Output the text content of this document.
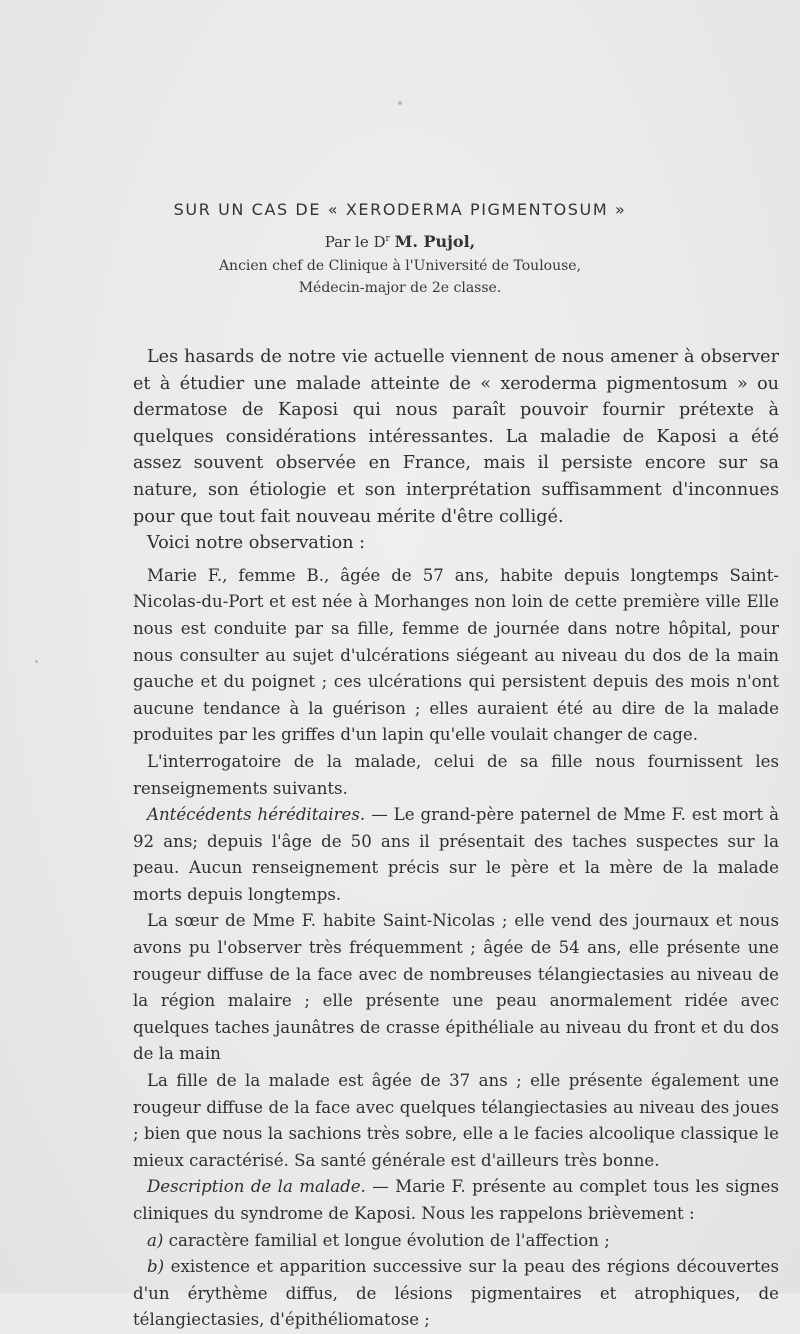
SUR UN CAS DE « XERODERMA PIGMENTOSUM »
Par le $D^r$ M. Pujol,
Ancien chef de Clinique à l'Université de Toulouse,
Médecin-major de 2e classe.

Les hasards de notre vie actuelle viennent de nous amener à observer et à étudier une malade atteinte de « xeroderma pigmentosum » ou dermatose de Kaposi qui nous paraît pouvoir fournir prétexte à quelques considérations intéressantes. La maladie de Kaposi a été assez souvent observée en France, mais il persiste encore sur sa nature, son étiologie et son interprétation suffisamment d'inconnues pour que tout fait nouveau mérite d'être colligé.

Voici notre observation :

Marie F., femme B., âgée de 57 ans, habite depuis longtemps Saint-Nicolas-du-Port et est née à Morhanges non loin de cette première ville Elle nous est conduite par sa fille, femme de journée dans notre hôpital, pour nous consulter au sujet d'ulcérations siégeant au niveau du dos de la main gauche et du poignet ; ces ulcérations qui persistent depuis des mois n'ont aucune tendance à la guérison ; elles auraient été au dire de la malade produites par les griffes d'un lapin qu'elle voulait changer de cage.

L'interrogatoire de la malade, celui de sa fille nous fournissent les renseignements suivants.

Antécédents héréditaires. — Le grand-père paternel de Mme F. est mort à 92 ans; depuis l'âge de 50 ans il présentait des taches suspectes sur la peau. Aucun renseignement précis sur le père et la mère de la malade morts depuis longtemps.

La sœur de Mme F. habite Saint-Nicolas ; elle vend des journaux et nous avons pu l'observer très fréquemment ; âgée de 54 ans, elle présente une rougeur diffuse de la face avec de nombreuses télangiectasies au niveau de la région malaire ; elle présente une peau anormalement ridée avec quelques taches jaunâtres de crasse épithéliale au niveau du front et du dos de la main

La fille de la malade est âgée de 37 ans ; elle présente également une rougeur diffuse de la face avec quelques télangiectasies au niveau des joues ; bien que nous la sachions très sobre, elle a le facies alcoolique classique le mieux caractérisé. Sa santé générale est d'ailleurs très bonne.

Description de la malade. — Marie F. présente au complet tous les signes cliniques du syndrome de Kaposi. Nous les rappelons brièvement :

a) caractère familial et longue évolution de l'affection ;

b) existence et apparition successive sur la peau des régions découvertes d'un érythème diffus, de lésions pigmentaires et atrophiques, de télangiectasies, d'épithéliomatose ;
